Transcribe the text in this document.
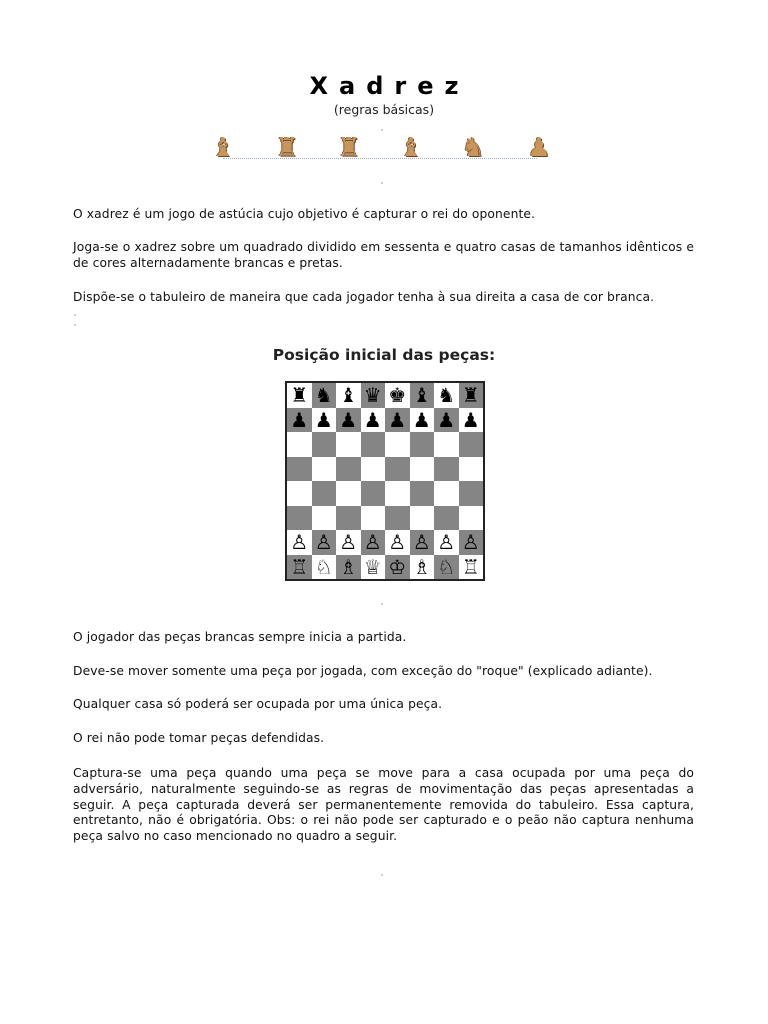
Xadrez
(regras básicas)
♝ ♜ ♜ ♝ ♞ ♟

O xadrez é um jogo de astúcia cujo objetivo é capturar o rei do oponente.

Joga-se o xadrez sobre um quadrado dividido em sessenta e quatro casas de tamanhos idênticos e de cores alternadamente brancas e pretas.

Dispõe-se o tabuleiro de maneira que cada jogador tenha à sua direita a casa de cor branca.

Posição inicial das peças:
♜ ♞ ♝ ♛ ♚ ♝ ♞ ♜
♟ ♟ ♟ ♟ ♟ ♟ ♟ ♟
♙ ♙ ♙ ♙ ♙ ♙ ♙ ♙
♖ ♘ ♗ ♕ ♔ ♗ ♘ ♖

O jogador das peças brancas sempre inicia a partida.

Deve-se mover somente uma peça por jogada, com exceção do "roque" (explicado adiante).

Qualquer casa só poderá ser ocupada por uma única peça.

O rei não pode tomar peças defendidas.

Captura-se uma peça quando uma peça se move para a casa ocupada por uma peça do adversário, naturalmente seguindo-se as regras de movimentação das peças apresentadas a seguir. A peça capturada deverá ser permanentemente removida do tabuleiro. Essa captura, entretanto, não é obrigatória. Obs: o rei não pode ser capturado e o peão não captura nenhuma peça salvo no caso mencionado no quadro a seguir.
